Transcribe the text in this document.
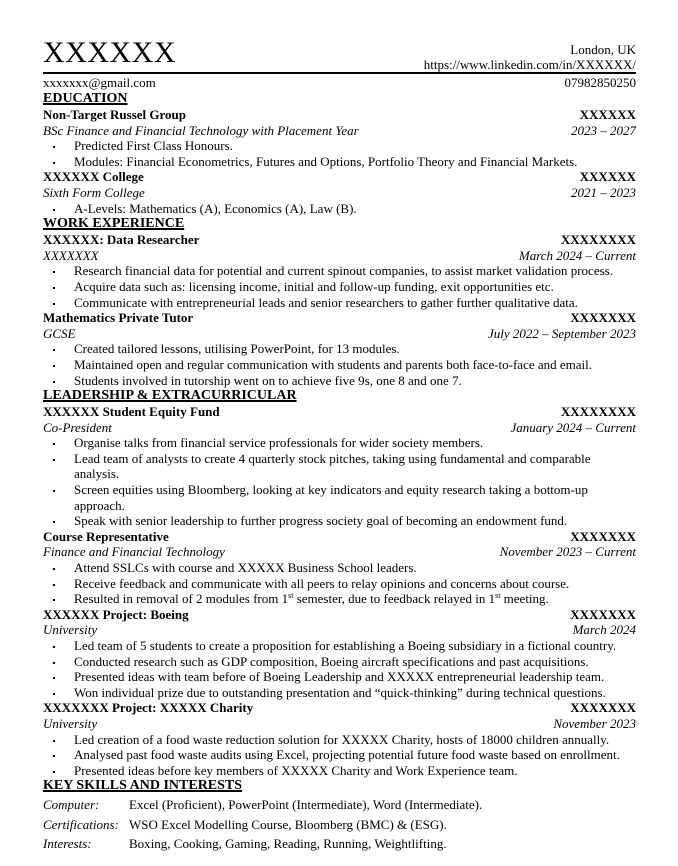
XXXXXX	London, UK
https://www.linkedin.com/in/XXXXXX/
xxxxxxx@gmail.com	07982850250
EDUCATION
Non-Target Russel Group	XXXXXX
BSc Finance and Financial Technology with Placement Year	2023 – 2027
Predicted First Class Honours.
Modules: Financial Econometrics, Futures and Options, Portfolio Theory and Financial Markets.
XXXXXX College	XXXXXX
Sixth Form College	2021 – 2023
A-Levels: Mathematics (A), Economics (A), Law (B).
WORK EXPERIENCE
XXXXXX: Data Researcher	XXXXXXXX
XXXXXXX	March 2024 – Current
Research financial data for potential and current spinout companies, to assist market validation process.
Acquire data such as: licensing income, initial and follow-up funding, exit opportunities etc.
Communicate with entrepreneurial leads and senior researchers to gather further qualitative data.
Mathematics Private Tutor	XXXXXXX
GCSE	July 2022 – September 2023
Created tailored lessons, utilising PowerPoint, for 13 modules.
Maintained open and regular communication with students and parents both face-to-face and email.
Students involved in tutorship went on to achieve five 9s, one 8 and one 7.
LEADERSHIP & EXTRACURRICULAR
XXXXXX Student Equity Fund	XXXXXXXX
Co-President	January 2024 – Current
Organise talks from financial service professionals for wider society members.
Lead team of analysts to create 4 quarterly stock pitches, taking using fundamental and comparable analysis.
Screen equities using Bloomberg, looking at key indicators and equity research taking a bottom-up approach.
Speak with senior leadership to further progress society goal of becoming an endowment fund.
Course Representative	XXXXXXX
Finance and Financial Technology	November 2023 – Current
Attend SSLCs with course and XXXXX Business School leaders.
Receive feedback and communicate with all peers to relay opinions and concerns about course.
Resulted in removal of 2 modules from 1st semester, due to feedback relayed in 1st meeting.
XXXXXX Project: Boeing	XXXXXXX
University	March 2024
Led team of 5 students to create a proposition for establishing a Boeing subsidiary in a fictional country.
Conducted research such as GDP composition, Boeing aircraft specifications and past acquisitions.
Presented ideas with team before of Boeing Leadership and XXXXX entrepreneurial leadership team.
Won individual prize due to outstanding presentation and “quick-thinking” during technical questions.
XXXXXXX Project: XXXXX Charity	XXXXXXX
University	November 2023
Led creation of a food waste reduction solution for XXXXX Charity, hosts of 18000 children annually.
Analysed past food waste audits using Excel, projecting potential future food waste based on enrollment.
Presented ideas before key members of XXXXX Charity and Work Experience team.
KEY SKILLS AND INTERESTS
Computer:	Excel (Proficient), PowerPoint (Intermediate), Word (Intermediate).
Certifications: WSO Excel Modelling Course, Bloomberg (BMC) & (ESG).
Interests:	Boxing, Cooking, Gaming, Reading, Running, Weightlifting.
